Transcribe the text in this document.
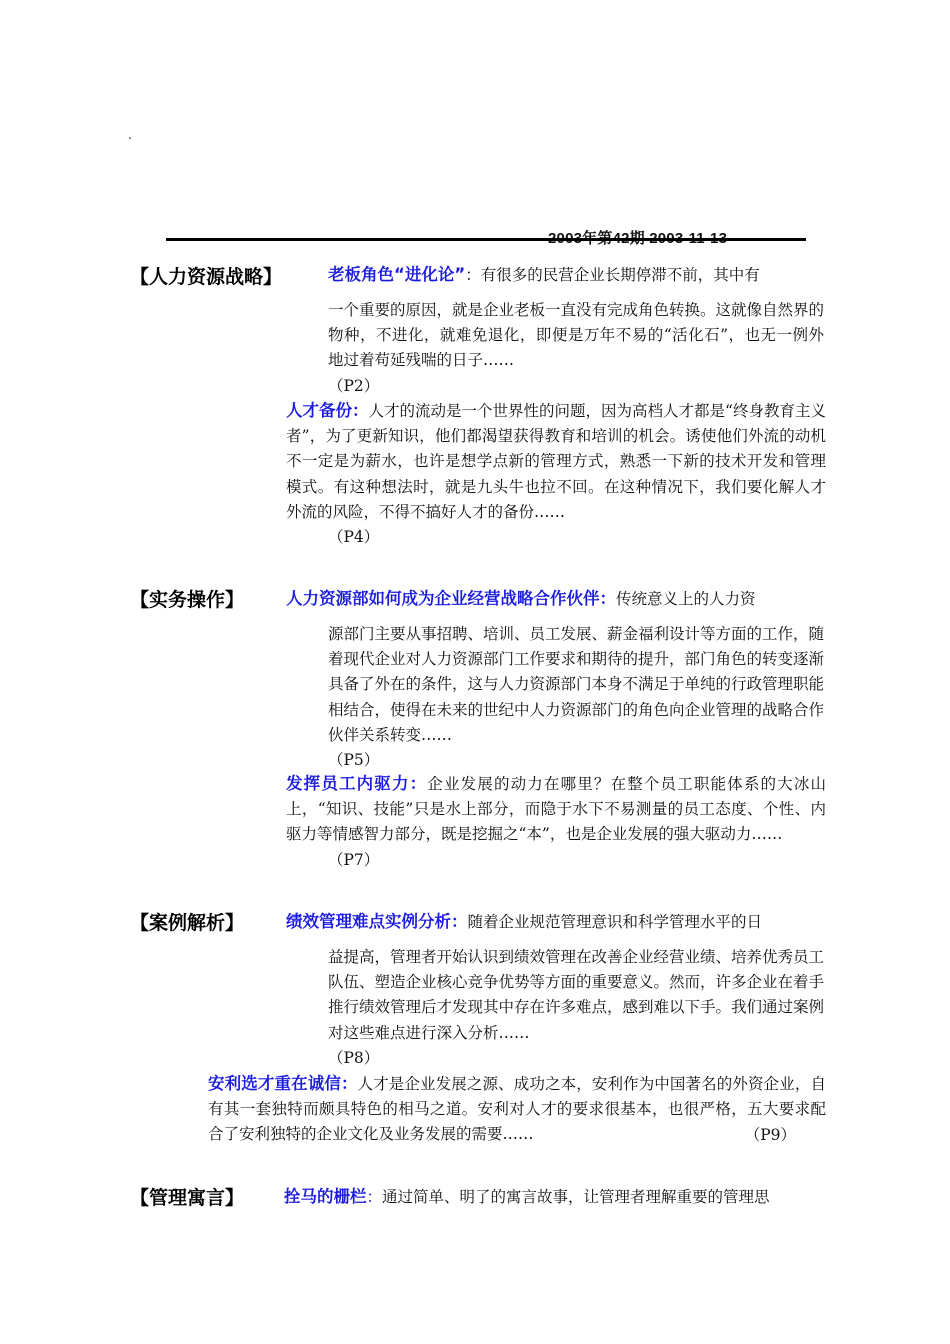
.
【人力资源战略】	老板角色“进化论”：有很多的民营企业长期停滞不前，其中有
一个重要的原因，就是企业老板一直没有完成角色转换。这就像自然界的物种，不进化，就难免退化，即便是万年不易的“活化石”，也无一例外地过着苟延残喘的日子……
（P2）
人才备份：人才的流动是一个世界性的问题，因为高档人才都是“终身教育主义者”，为了更新知识，他们都渴望获得教育和培训的机会。诱使他们外流的动机不一定是为薪水，也许是想学点新的管理方式，熟悉一下新的技术开发和管理模式。有这种想法时，就是九头牛也拉不回。在这种情况下，我们要化解人才外流的风险，不得不搞好人才的备份……
（P4）
【实务操作】	人力资源部如何成为企业经营战略合作伙伴：传统意义上的人力资
源部门主要从事招聘、培训、员工发展、薪金福利设计等方面的工作，随着现代企业对人力资源部门工作要求和期待的提升，部门角色的转变逐渐具备了外在的条件，这与人力资源部门本身不满足于单纯的行政管理职能相结合，使得在未来的世纪中人力资源部门的角色向企业管理的战略合作伙伴关系转变……
（P5）
发挥员工内驱力：企业发展的动力在哪里？在整个员工职能体系的大冰山上，“知识、技能”只是水上部分，而隐于水下不易测量的员工态度、个性、内驱力等情感智力部分，既是挖掘之“本”，也是企业发展的强大驱动力……
（P7）
【案例解析】	绩效管理难点实例分析：随着企业规范管理意识和科学管理水平的日
益提高，管理者开始认识到绩效管理在改善企业经营业绩、培养优秀员工队伍、塑造企业核心竞争优势等方面的重要意义。然而，许多企业在着手推行绩效管理后才发现其中存在许多难点，感到难以下手。我们通过案例对这些难点进行深入分析……
（P8）
安利选才重在诚信：人才是企业发展之源、成功之本，安利作为中国著名的外资企业，自有其一套独特而颇具特色的相马之道。安利对人才的要求很基本，也很严格，五大要求配合了安利独特的企业文化及业务发展的需要……	（P9）
【管理寓言】 拴马的栅栏：通过简单、明了的寓言故事，让管理者理解重要的管理思
